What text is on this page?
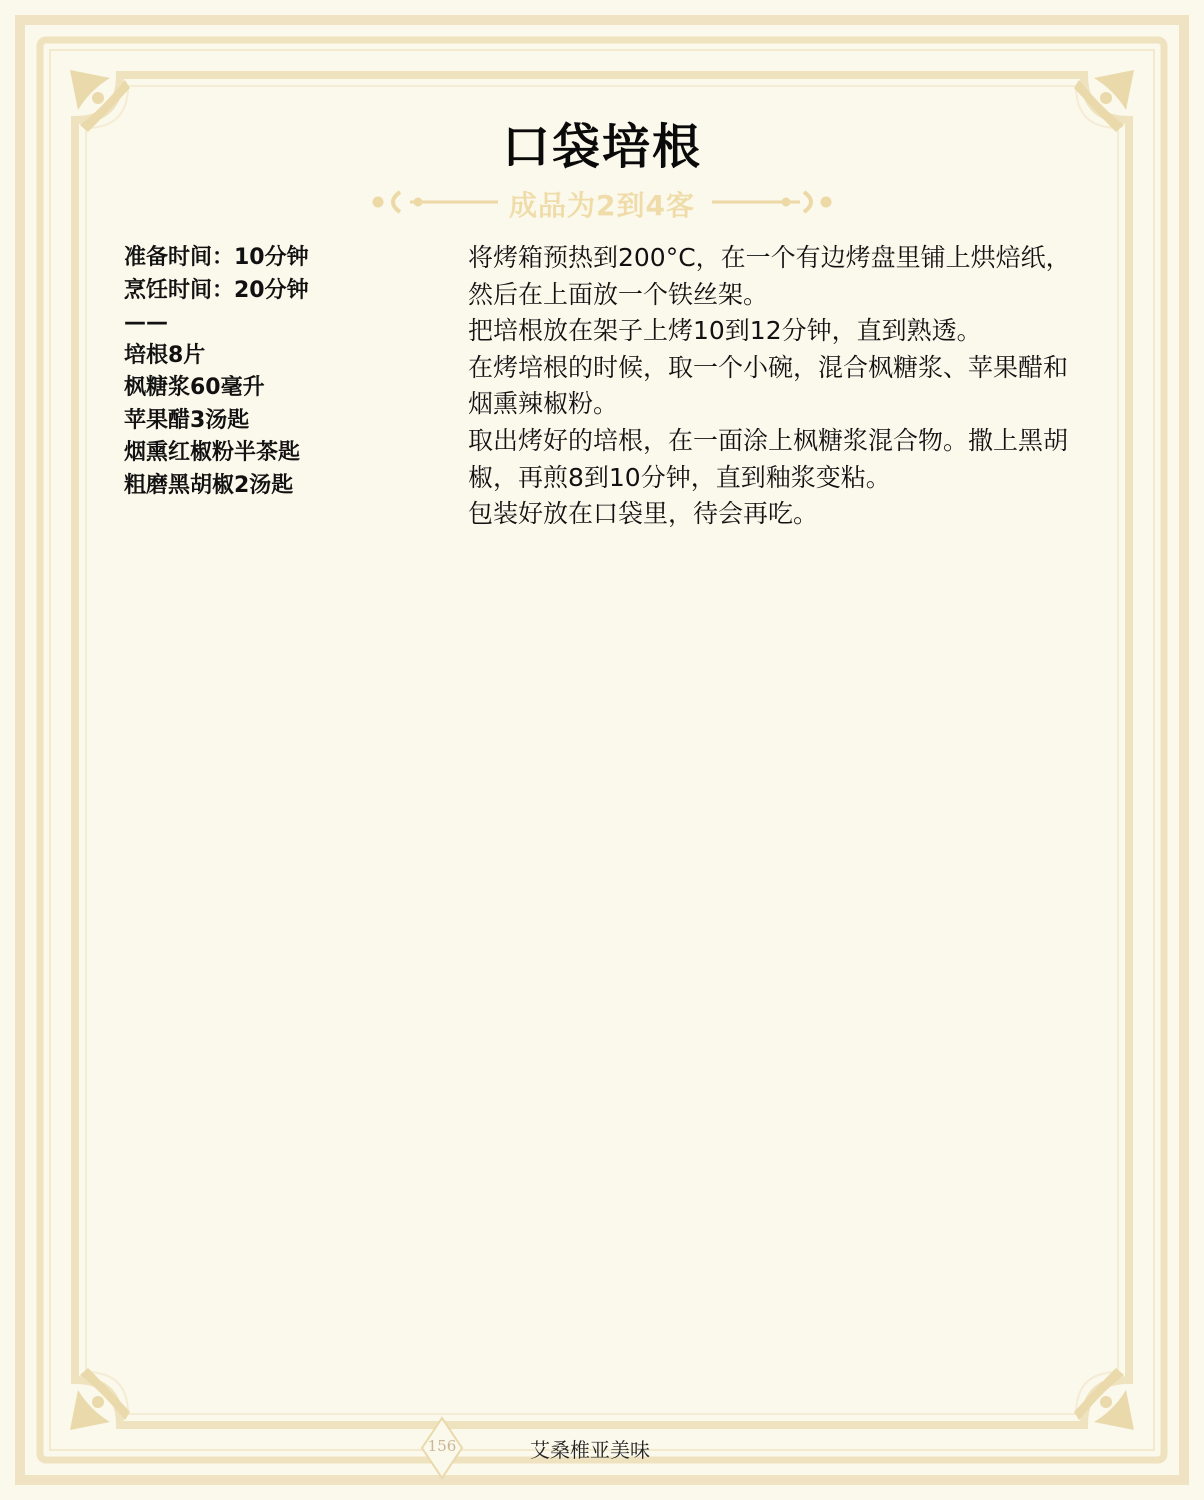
口袋培根
成品为2到4客
准备时间：10分钟
烹饪时间：20分钟
——
培根8片
枫糖浆60毫升
苹果醋3汤匙
烟熏红椒粉半茶匙
粗磨黑胡椒2汤匙

将烤箱预热到200°C，在一个有边烤盘里铺上烘焙纸，然后在上面放一个铁丝架。

把培根放在架子上烤10到12分钟，直到熟透。

在烤培根的时候，取一个小碗，混合枫糖浆、苹果醋和烟熏辣椒粉。

取出烤好的培根，在一面涂上枫糖浆混合物。撒上黑胡椒，再煎8到10分钟，直到釉浆变粘。

包装好放在口袋里，待会再吃。

156	艾桑椎亚美味
